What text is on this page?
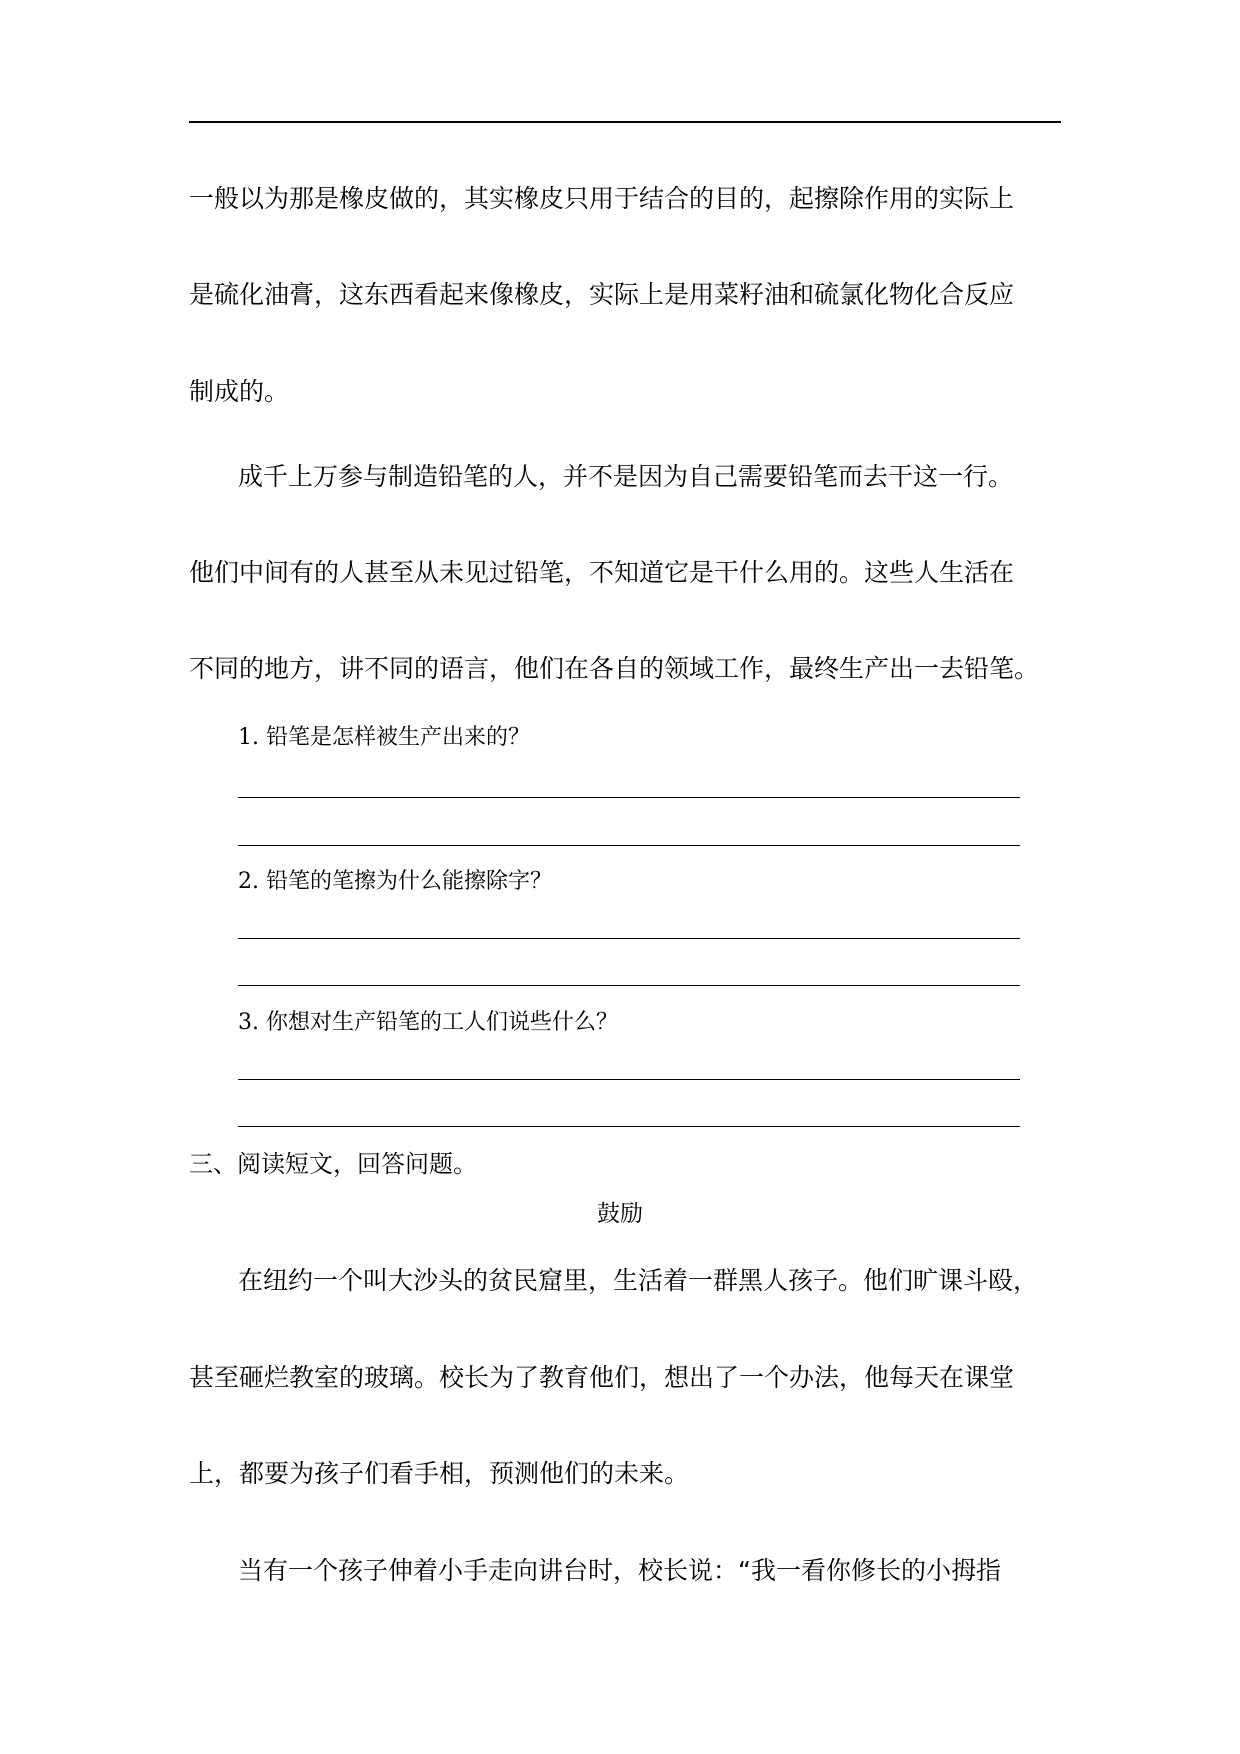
一般以为那是橡皮做的，其实橡皮只用于结合的目的，起擦除作用的实际上
是硫化油膏，这东西看起来像橡皮，实际上是用菜籽油和硫氯化物化合反应
制成的。
成千上万参与制造铅笔的人，并不是因为自己需要铅笔而去干这一行。
他们中间有的人甚至从未见过铅笔，不知道它是干什么用的。这些人生活在
不同的地方，讲不同的语言，他们在各自的领域工作，最终生产出一去铅笔。
1. 铅笔是怎样被生产出来的？
2. 铅笔的笔擦为什么能擦除字？
3. 你想对生产铅笔的工人们说些什么？
三、阅读短文，回答问题。
鼓励
在纽约一个叫大沙头的贫民窟里，生活着一群黑人孩子。他们旷课斗殴，
甚至砸烂教室的玻璃。校长为了教育他们，想出了一个办法，他每天在课堂
上，都要为孩子们看手相，预测他们的未来。
当有一个孩子伸着小手走向讲台时，校长说：“我一看你修长的小拇指
